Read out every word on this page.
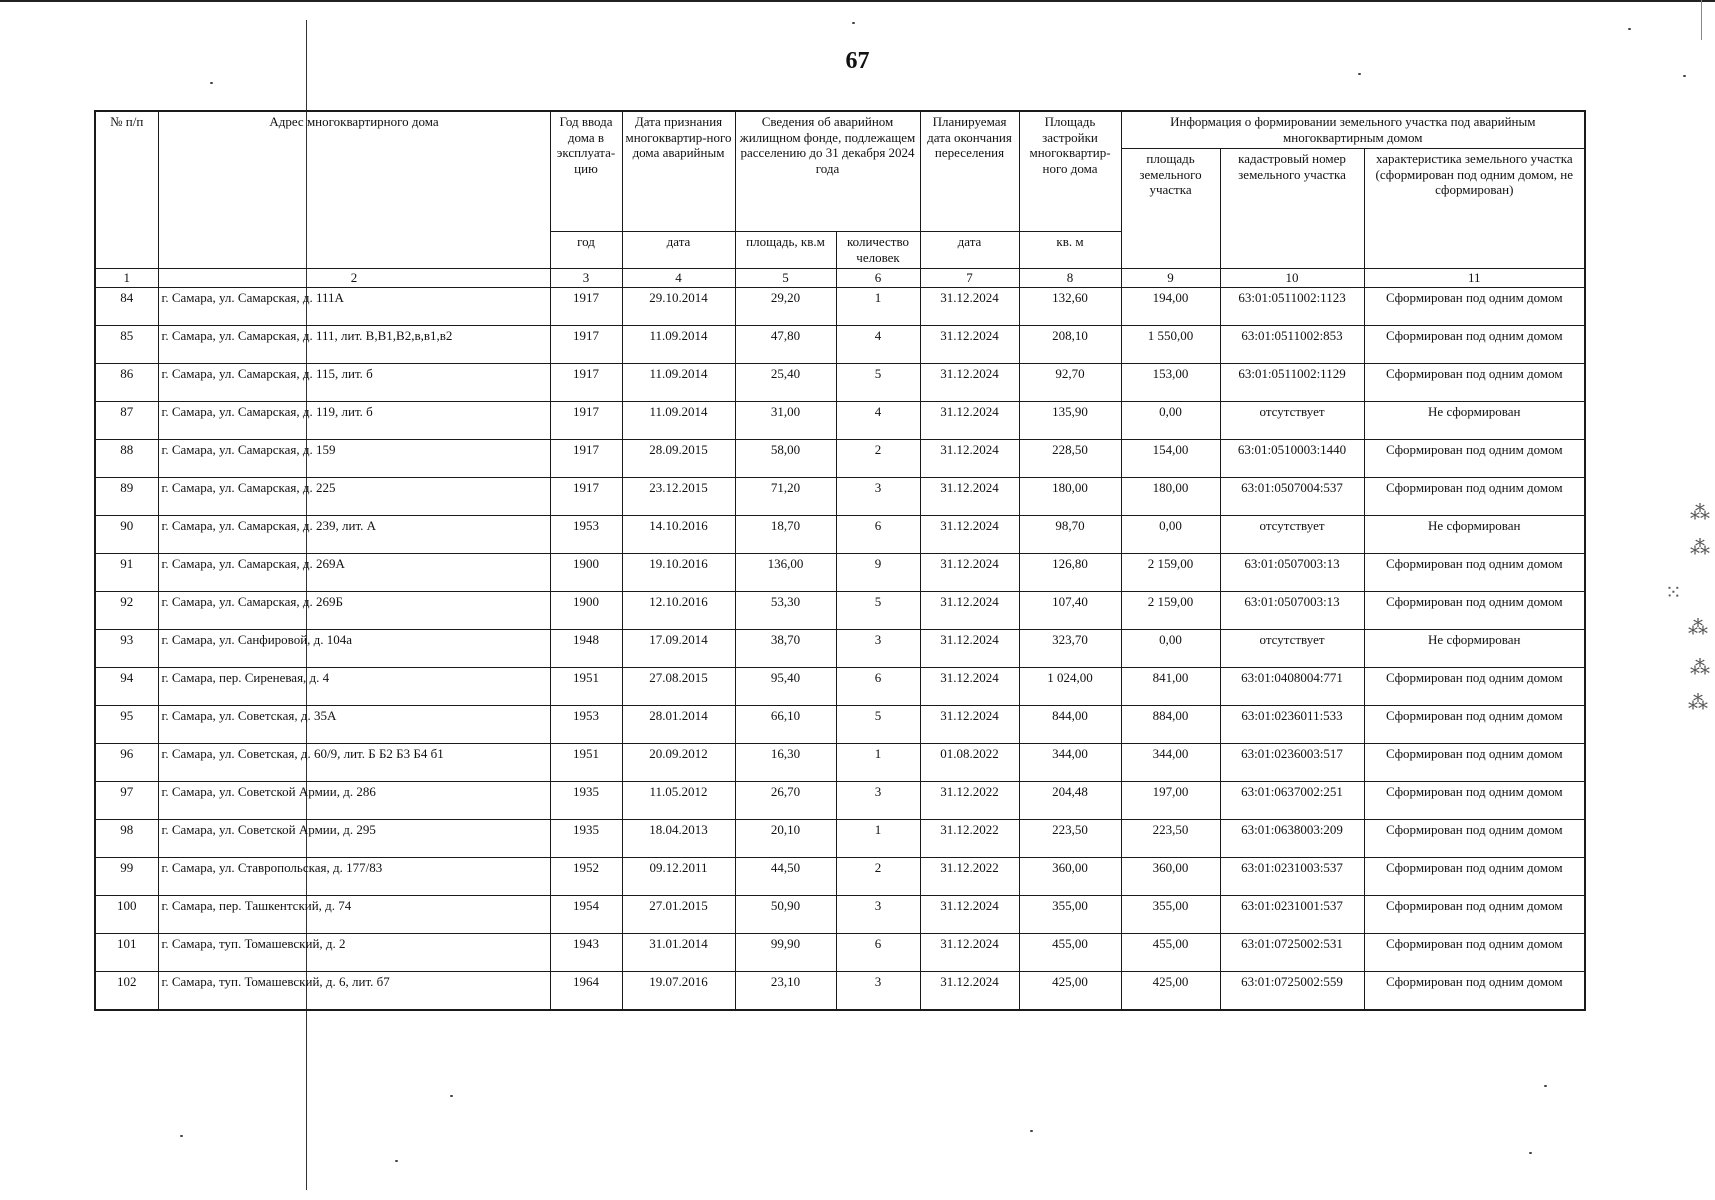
⁂
⁂
⁙
⁂
⁂
⁂
67
№ п/п	Адрес многоквартирного дома	Год ввода дома в эксплуата-цию	Дата признания многоквартир-ного дома аварийным	Сведения об аварийном жилищном фонде, подлежащем расселению до 31 декабря 2024 года		Планируемая дата окончания переселения	Площадь застройки многоквартир-ного дома	Информация о формировании земельного участка под аварийным многоквартирным домом		
								площадь земельного участка	кадастровый номер земельного участка	характеристика земельного участка (сформирован под одним домом, не сформирован)
		год	дата	площадь, кв.м	количество человек	дата	кв. м			

1	2	3	4	5	6	7	8	9	10	11
84	г. Самара, ул. Самарская, д. 111А	1917	29.10.2014	29,20	1	31.12.2024	132,60	194,00	63:01:0511002:1123	Сформирован под одним домом
85	г. Самара, ул. Самарская, д. 111, лит. В,В1,В2,в,в1,в2	1917	11.09.2014	47,80	4	31.12.2024	208,10	1 550,00	63:01:0511002:853	Сформирован под одним домом
86	г. Самара, ул. Самарская, д. 115, лит. б	1917	11.09.2014	25,40	5	31.12.2024	92,70	153,00	63:01:0511002:1129	Сформирован под одним домом
87	г. Самара, ул. Самарская, д. 119, лит. б	1917	11.09.2014	31,00	4	31.12.2024	135,90	0,00	отсутствует	Не сформирован
88	г. Самара, ул. Самарская, д. 159	1917	28.09.2015	58,00	2	31.12.2024	228,50	154,00	63:01:0510003:1440	Сформирован под одним домом
89	г. Самара, ул. Самарская, д. 225	1917	23.12.2015	71,20	3	31.12.2024	180,00	180,00	63:01:0507004:537	Сформирован под одним домом
90	г. Самара, ул. Самарская, д. 239, лит. А	1953	14.10.2016	18,70	6	31.12.2024	98,70	0,00	отсутствует	Не сформирован
91	г. Самара, ул. Самарская, д. 269А	1900	19.10.2016	136,00	9	31.12.2024	126,80	2 159,00	63:01:0507003:13	Сформирован под одним домом
92	г. Самара, ул. Самарская, д. 269Б	1900	12.10.2016	53,30	5	31.12.2024	107,40	2 159,00	63:01:0507003:13	Сформирован под одним домом
93	г. Самара, ул. Санфировой, д. 104а	1948	17.09.2014	38,70	3	31.12.2024	323,70	0,00	отсутствует	Не сформирован
94	г. Самара, пер. Сиреневая, д. 4	1951	27.08.2015	95,40	6	31.12.2024	1 024,00	841,00	63:01:0408004:771	Сформирован под одним домом
95	г. Самара, ул. Советская, д. 35А	1953	28.01.2014	66,10	5	31.12.2024	844,00	884,00	63:01:0236011:533	Сформирован под одним домом
96	г. Самара, ул. Советская, д. 60/9, лит. Б Б2 Б3 Б4 б1	1951	20.09.2012	16,30	1	01.08.2022	344,00	344,00	63:01:0236003:517	Сформирован под одним домом
97	г. Самара, ул. Советской Армии, д. 286	1935	11.05.2012	26,70	3	31.12.2022	204,48	197,00	63:01:0637002:251	Сформирован под одним домом
98	г. Самара, ул. Советской Армии, д. 295	1935	18.04.2013	20,10	1	31.12.2022	223,50	223,50	63:01:0638003:209	Сформирован под одним домом
99	г. Самара, ул. Ставропольская, д. 177/83	1952	09.12.2011	44,50	2	31.12.2022	360,00	360,00	63:01:0231003:537	Сформирован под одним домом
100	г. Самара, пер. Ташкентский, д. 74	1954	27.01.2015	50,90	3	31.12.2024	355,00	355,00	63:01:0231001:537	Сформирован под одним домом
101	г. Самара, туп. Томашевский, д. 2	1943	31.01.2014	99,90	6	31.12.2024	455,00	455,00	63:01:0725002:531	Сформирован под одним домом
102	г. Самара, туп. Томашевский, д. 6, лит. б7	1964	19.07.2016	23,10	3	31.12.2024	425,00	425,00	63:01:0725002:559	Сформирован под одним домом
